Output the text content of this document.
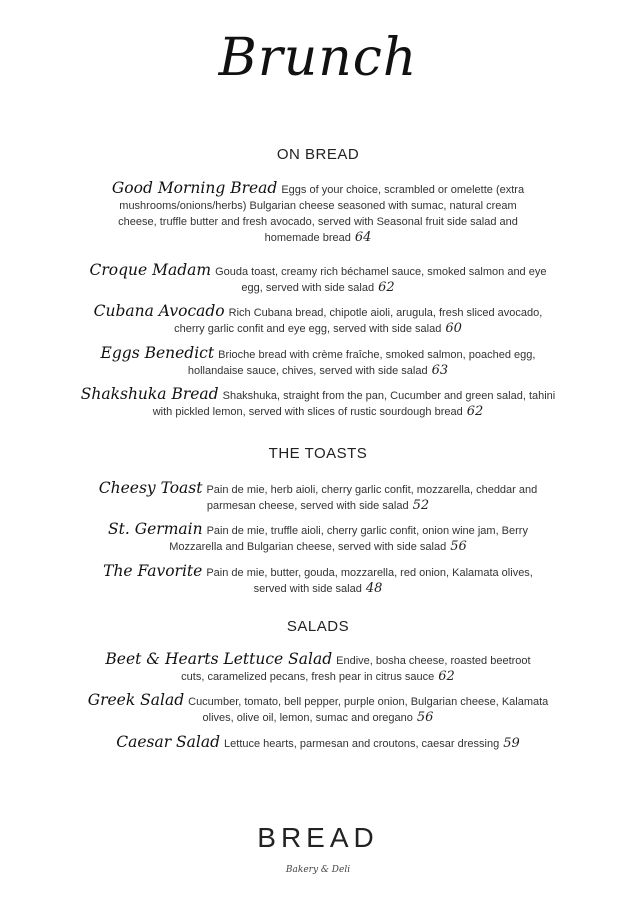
Brunch
ON BREAD
Good Morning Bread Eggs of your choice, scrambled or omelette (extra mushrooms/onions/herbs) Bulgarian cheese seasoned with sumac, natural cream cheese, truffle butter and fresh avocado, served with Seasonal fruit side salad and homemade bread 64
Croque Madam Gouda toast, creamy rich béchamel sauce, smoked salmon and eye egg, served with side salad 62
Cubana Avocado Rich Cubana bread, chipotle aioli, arugula, fresh sliced avocado, cherry garlic confit and eye egg, served with side salad 60
Eggs Benedict Brioche bread with crème fraîche, smoked salmon, poached egg, hollandaise sauce, chives, served with side salad 63
Shakshuka Bread Shakshuka, straight from the pan, Cucumber and green salad, tahini with pickled lemon, served with slices of rustic sourdough bread 62
THE TOASTS
Cheesy Toast Pain de mie, herb aioli, cherry garlic confit, mozzarella, cheddar and parmesan cheese, served with side salad 52
St. Germain Pain de mie, truffle aioli, cherry garlic confit, onion wine jam, Berry Mozzarella and Bulgarian cheese, served with side salad 56
The Favorite Pain de mie, butter, gouda, mozzarella, red onion, Kalamata olives, served with side salad 48
SALADS
Beet & Hearts Lettuce Salad Endive, bosha cheese, roasted beetroot cuts, caramelized pecans, fresh pear in citrus sauce 62
Greek Salad Cucumber, tomato, bell pepper, purple onion, Bulgarian cheese, Kalamata olives, olive oil, lemon, sumac and oregano 56
Caesar Salad Lettuce hearts, parmesan and croutons, caesar dressing 59
BREAD
Bakery & Deli
